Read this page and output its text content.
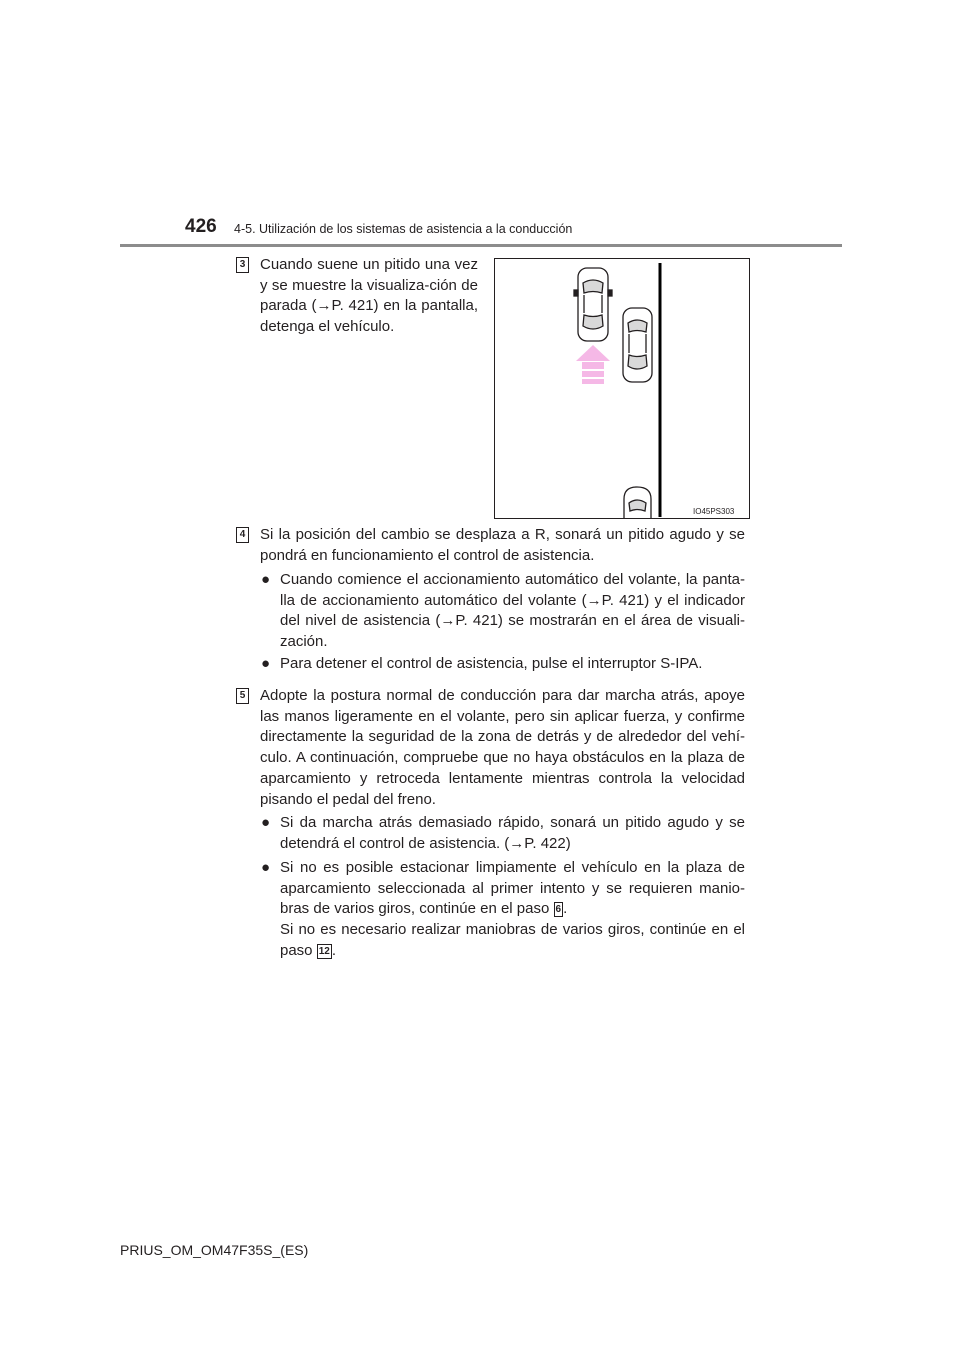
426 4-5. Utilización de los sistemas de asistencia a la conducción
3 Cuando suene un pitido una vez y se muestre la visualiza-ción de parada (→P. 421) en la pantalla, detenga el vehículo.
IO45PS303
4 Si la posición del cambio se desplaza a R, sonará un pitido agudo y se pondrá en funcionamiento el control de asistencia.
● Cuando comience el accionamiento automático del volante, la panta-lla de accionamiento automático del volante (→P. 421) y el indicador del nivel de asistencia (→P. 421) se mostrarán en el área de visuali-zación.
● Para detener el control de asistencia, pulse el interruptor S-IPA.
5 Adopte la postura normal de conducción para dar marcha atrás, apoye las manos ligeramente en el volante, pero sin aplicar fuerza, y confirme directamente la seguridad de la zona de detrás y de alrededor del vehí-culo. A continuación, compruebe que no haya obstáculos en la plaza de aparcamiento y retroceda lentamente mientras controla la velocidad pisando el pedal del freno.
● Si da marcha atrás demasiado rápido, sonará un pitido agudo y se detendrá el control de asistencia. (→P. 422)
● Si no es posible estacionar limpiamente el vehículo en la plaza de aparcamiento seleccionada al primer intento y se requieren manio-bras de varios giros, continúe en el paso 6 .
Si no es necesario realizar maniobras de varios giros, continúe en el paso 12 .
PRIUS_OM_OM47F35S_(ES)
